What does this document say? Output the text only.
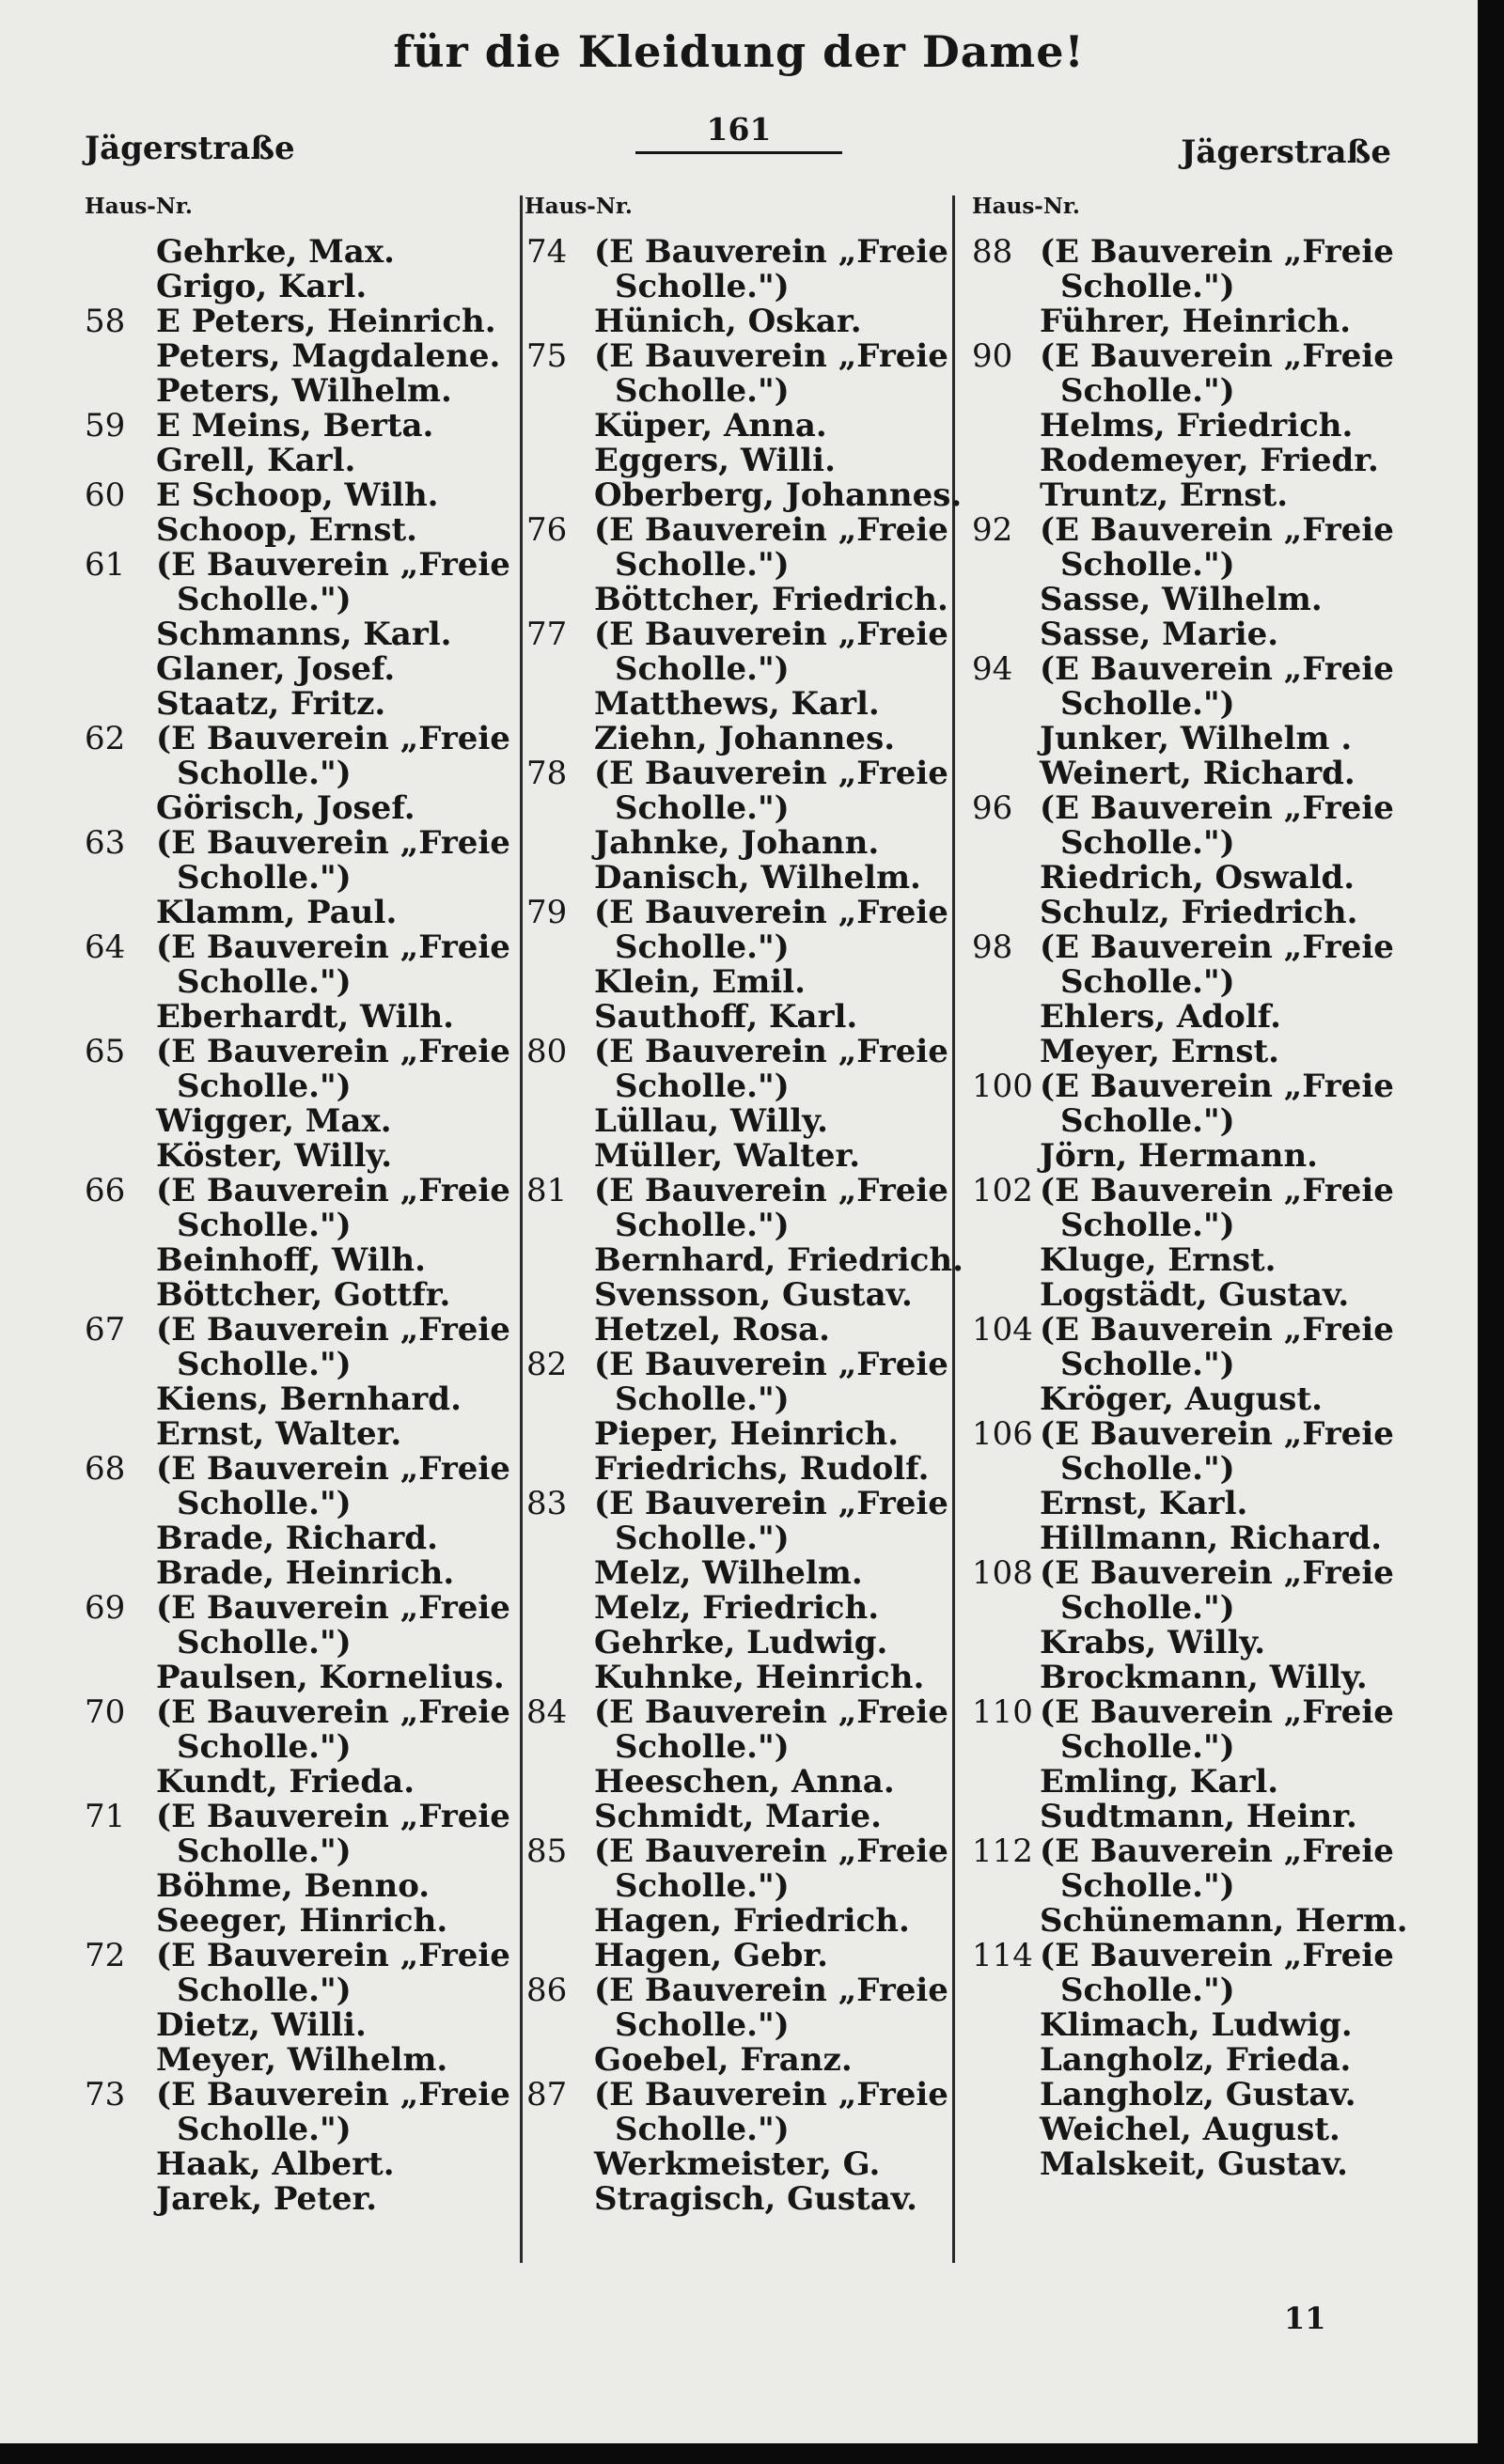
für die Kleidung der Dame!
Jägerstraße
161
Jägerstraße
Haus-Nr.	Haus-Nr.	Haus-Nr.
Gehrke, Max.
Grigo, Karl.
58 E Peters, Heinrich.
Peters, Magdalene.
Peters, Wilhelm.
59 E Meins, Berta.
Grell, Karl.
60 E Schoop, Wilh.
Schoop, Ernst.
61 (E Bauverein „Freie
Scholle.")
Schmanns, Karl.
Glaner, Josef.
Staatz, Fritz.
62 (E Bauverein „Freie
Scholle.")
Görisch, Josef.
63 (E Bauverein „Freie
Scholle.")
Klamm, Paul.
64 (E Bauverein „Freie
Scholle.")
Eberhardt, Wilh.
65 (E Bauverein „Freie
Scholle.")
Wigger, Max.
Köster, Willy.
66 (E Bauverein „Freie
Scholle.")
Beinhoff, Wilh.
Böttcher, Gottfr.
67 (E Bauverein „Freie
Scholle.")
Kiens, Bernhard.
Ernst, Walter.
68 (E Bauverein „Freie
Scholle.")
Brade, Richard.
Brade, Heinrich.
69 (E Bauverein „Freie
Scholle.")
Paulsen, Kornelius.
70 (E Bauverein „Freie
Scholle.")
Kundt, Frieda.
71 (E Bauverein „Freie
Scholle.")
Böhme, Benno.
Seeger, Hinrich.
72 (E Bauverein „Freie
Scholle.")
Dietz, Willi.
Meyer, Wilhelm.
73 (E Bauverein „Freie
Scholle.")
Haak, Albert.
Jarek, Peter.
74 (E Bauverein „Freie
Scholle.")
Hünich, Oskar.
75 (E Bauverein „Freie
Scholle.")
Küper, Anna.
Eggers, Willi.
Oberberg, Johannes.
76 (E Bauverein „Freie
Scholle.")
Böttcher, Friedrich.
77 (E Bauverein „Freie
Scholle.")
Matthews, Karl.
Ziehn, Johannes.
78 (E Bauverein „Freie
Scholle.")
Jahnke, Johann.
Danisch, Wilhelm.
79 (E Bauverein „Freie
Scholle.")
Klein, Emil.
Sauthoff, Karl.
80 (E Bauverein „Freie
Scholle.")
Lüllau, Willy.
Müller, Walter.
81 (E Bauverein „Freie
Scholle.")
Bernhard, Friedrich.
Svensson, Gustav.
Hetzel, Rosa.
82 (E Bauverein „Freie
Scholle.")
Pieper, Heinrich.
Friedrichs, Rudolf.
83 (E Bauverein „Freie
Scholle.")
Melz, Wilhelm.
Melz, Friedrich.
Gehrke, Ludwig.
Kuhnke, Heinrich.
84 (E Bauverein „Freie
Scholle.")
Heeschen, Anna.
Schmidt, Marie.
85 (E Bauverein „Freie
Scholle.")
Hagen, Friedrich.
Hagen, Gebr.
86 (E Bauverein „Freie
Scholle.")
Goebel, Franz.
87 (E Bauverein „Freie
Scholle.")
Werkmeister, G.
Stragisch, Gustav.
88 (E Bauverein „Freie
Scholle.")
Führer, Heinrich.
90 (E Bauverein „Freie
Scholle.")
Helms, Friedrich.
Rodemeyer, Friedr.
Truntz, Ernst.
92 (E Bauverein „Freie
Scholle.")
Sasse, Wilhelm.
Sasse, Marie.
94 (E Bauverein „Freie
Scholle.")
Junker, Wilhelm .
Weinert, Richard.
96 (E Bauverein „Freie
Scholle.")
Riedrich, Oswald.
Schulz, Friedrich.
98 (E Bauverein „Freie
Scholle.")
Ehlers, Adolf.
Meyer, Ernst.
100 (E Bauverein „Freie
Scholle.")
Jörn, Hermann.
102 (E Bauverein „Freie
Scholle.")
Kluge, Ernst.
Logstädt, Gustav.
104 (E Bauverein „Freie
Scholle.")
Kröger, August.
106 (E Bauverein „Freie
Scholle.")
Ernst, Karl.
Hillmann, Richard.
108 (E Bauverein „Freie
Scholle.")
Krabs, Willy.
Brockmann, Willy.
110 (E Bauverein „Freie
Scholle.")
Emling, Karl.
Sudtmann, Heinr.
112 (E Bauverein „Freie
Scholle.")
Schünemann, Herm.
114 (E Bauverein „Freie
Scholle.")
Klimach, Ludwig.
Langholz, Frieda.
Langholz, Gustav.
Weichel, August.
Malskeit, Gustav.
11
